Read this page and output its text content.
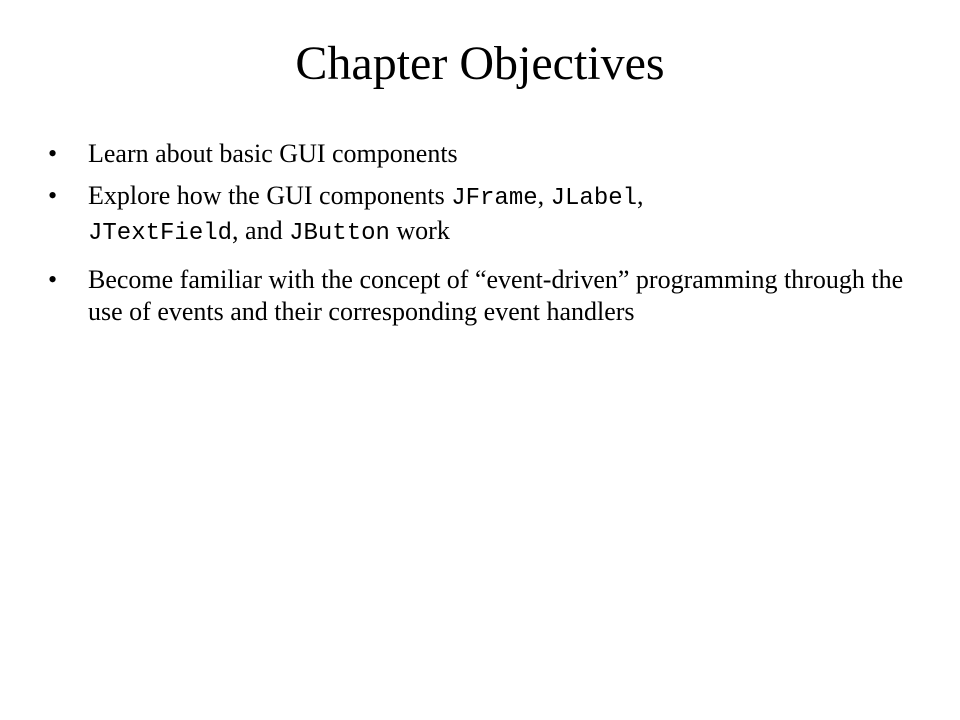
Chapter Objectives
•	Learn about basic GUI components
•	Explore how the GUI components JFrame, JLabel,
JTextField, and JButton work
•	Become familiar with the concept of “event-driven” programming through the use of events and their corresponding event handlers
